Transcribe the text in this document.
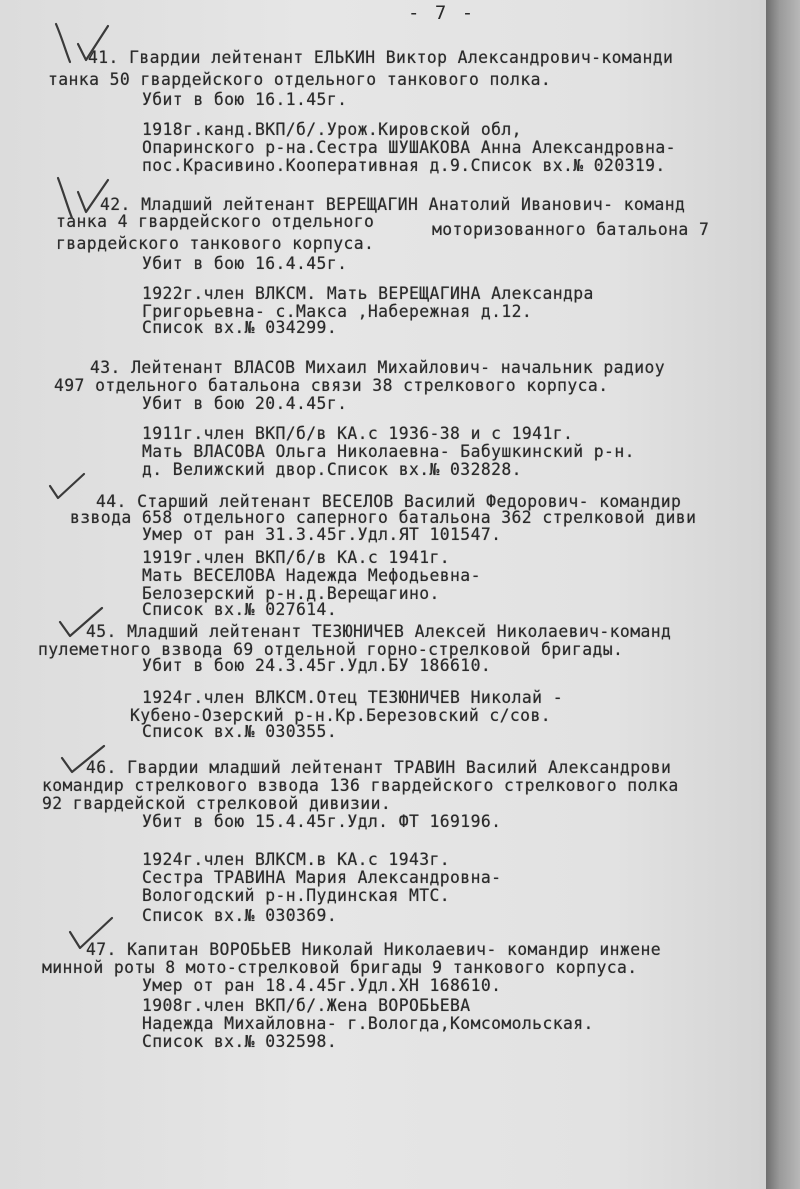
- 7 -
41. Гвардии лейтенант ЕЛЬКИН Виктор Александрович-команди
танка 50 гвардейского отдельного танкового полка.
Убит в бою 16.1.45г.
1918г.канд.ВКП/б/.Урож.Кировской обл,
Опаринского р-на.Сестра ШУШАКОВА Анна Александровна-
пос.Красивино.Кооперативная д.9.Список вх.№ 020319.
42. Младший лейтенант ВЕРЕЩАГИН Анатолий Иванович- команд
танка 4 гвардейского отдельного	моторизованного батальона 7
гвардейского танкового корпуса.
Убит в бою 16.4.45г.
1922г.член ВЛКСМ. Мать ВЕРЕЩАГИНА Александра
Григорьевна- с.Макса ,Набережная д.12.
Список вх.№ 034299.
43. Лейтенант ВЛАСОВ Михаил Михайлович- начальник радиоу
497 отдельного батальона связи 38 стрелкового корпуса.
Убит в бою 20.4.45г.
1911г.член ВКП/б/в КА.с 1936-38 и с 1941г.
Мать ВЛАСОВА Ольга Николаевна- Бабушкинский р-н.
д. Велижский двор.Список вх.№ 032828.
44. Старший лейтенант ВЕСЕЛОВ Василий Федорович- командир
взвода 658 отдельного саперного батальона 362 стрелковой диви
Умер от ран 31.3.45г.Удл.ЯТ 101547.
1919г.член ВКП/б/в КА.с 1941г.
Мать ВЕСЕЛОВА Надежда Мефодьевна-
Белозерский р-н.д.Верещагино.
Список вх.№ 027614.
45. Младший лейтенант ТЕЗЮНИЧЕВ Алексей Николаевич-команд
пулеметного взвода 69 отдельной горно-стрелковой бригады.
Убит в бою 24.3.45г.Удл.БУ 186610.
1924г.член ВЛКСМ.Отец ТЕЗЮНИЧЕВ Николай -
Кубено-Озерский р-н.Кр.Березовский с/сов.
Список вх.№ 030355.
46. Гвардии младший лейтенант ТРАВИН Василий Александрови
командир стрелкового взвода 136 гвардейского стрелкового полка
92 гвардейской стрелковой дивизии.
Убит в бою 15.4.45г.Удл. ФТ 169196.
1924г.член ВЛКСМ.в КА.с 1943г.
Сестра ТРАВИНА Мария Александровна-
Вологодский р-н.Пудинская МТС.
Список вх.№ 030369.
47. Капитан ВОРОБЬЕВ Николай Николаевич- командир инжене
минной роты 8 мото-стрелковой бригады 9 танкового корпуса.
Умер от ран 18.4.45г.Удл.ХН 168610.
1908г.член ВКП/б/.Жена ВОРОБЬЕВА
Надежда Михайловна- г.Вологда,Комсомольская.
Список вх.№ 032598.
